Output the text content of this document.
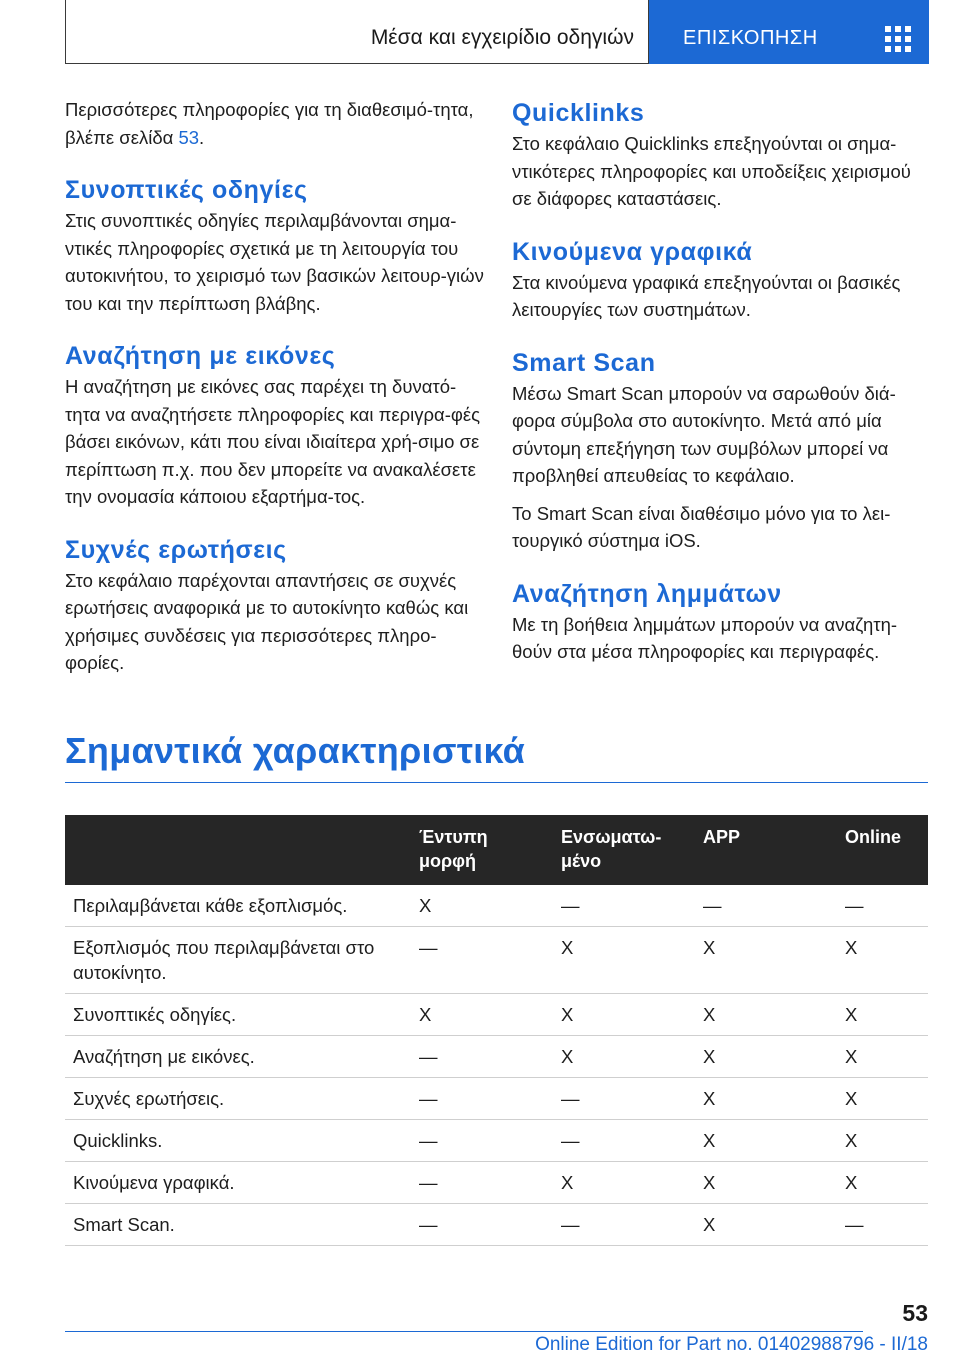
Μέσα και εγχειρίδιο οδηγιών ΕΠΙΣΚΟΠΗΣΗ

Περισσότερες πληροφορίες για τη διαθεσιμό-τητα, βλέπε σελίδα 53.

Συνοπτικές οδηγίες

Στις συνοπτικές οδηγίες περιλαμβάνονται σημα-ντικές πληροφορίες σχετικά με τη λειτουργία του αυτοκινήτου, το χειρισμό των βασικών λειτουρ-γιών του και την περίπτωση βλάβης.

Αναζήτηση με εικόνες

Η αναζήτηση με εικόνες σας παρέχει τη δυνατό-τητα να αναζητήσετε πληροφορίες και περιγρα-φές βάσει εικόνων, κάτι που είναι ιδιαίτερα χρή-σιμο σε περίπτωση π.χ. που δεν μπορείτε να ανακαλέσετε την ονομασία κάποιου εξαρτήμα-τος.

Συχνές ερωτήσεις

Στο κεφάλαιο παρέχονται απαντήσεις σε συχνές ερωτήσεις αναφορικά με το αυτοκίνητο καθώς και χρήσιμες συνδέσεις για περισσότερες πληρο-φορίες.

Quicklinks

Στο κεφάλαιο Quicklinks επεξηγούνται οι σημα-ντικότερες πληροφορίες και υποδείξεις χειρισμού σε διάφορες καταστάσεις.

Κινούμενα γραφικά

Στα κινούμενα γραφικά επεξηγούνται οι βασικές λειτουργίες των συστημάτων.

Smart Scan

Μέσω Smart Scan μπορούν να σαρωθούν διά-φορα σύμβολα στο αυτοκίνητο. Μετά από μία σύντομη επεξήγηση των συμβόλων μπορεί να προβληθεί απευθείας το κεφάλαιο.

Το Smart Scan είναι διαθέσιμο μόνο για το λει-τουργικό σύστημα iOS.

Αναζήτηση λημμάτων

Με τη βοήθεια λημμάτων μπορούν να αναζητη-θούν στα μέσα πληροφορίες και περιγραφές.

Σημαντικά χαρακτηριστικά
	Έντυπη μορφή	Ενσωματω-μένο	APP	Online
Περιλαμβάνεται κάθε εξοπλισμός.	X	—	—	—
Εξοπλισμός που περιλαμβάνεται στο αυτοκίνητο.	—	X	X	X
Συνοπτικές οδηγίες.	X	X	X	X
Αναζήτηση με εικόνες.	—	X	X	X
Συχνές ερωτήσεις.	—	—	X	X
Quicklinks.	—	—	X	X
Κινούμενα γραφικά.	—	X	X	X
Smart Scan.	—	—	X	—
53
Online Edition for Part no. 01402988796 - II/18
